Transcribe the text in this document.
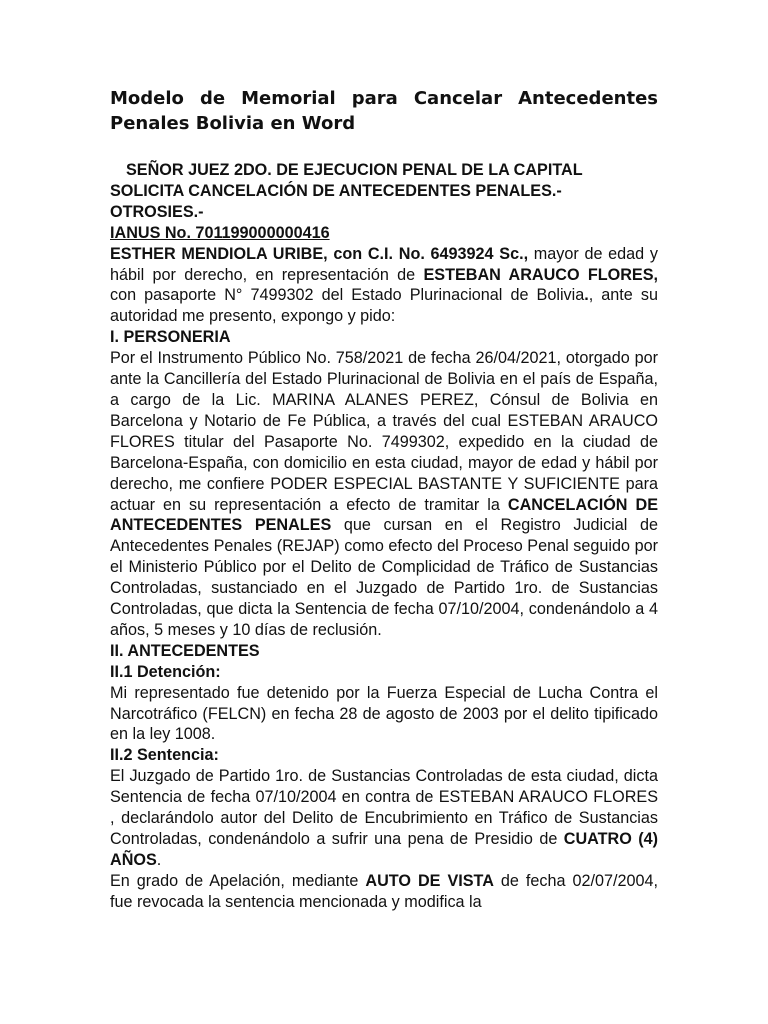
Modelo de Memorial para Cancelar Antecedentes Penales Bolivia en Word

SEÑOR JUEZ 2DO. DE EJECUCION PENAL DE LA CAPITAL

SOLICITA CANCELACIÓN DE ANTECEDENTES PENALES.-

OTROSIES.-

IANUS No. 701199000000416

ESTHER MENDIOLA URIBE, con C.I. No. 6493924 Sc., mayor de edad y hábil por derecho, en representación de ESTEBAN ARAUCO FLORES, con pasaporte N° 7499302 del Estado Plurinacional de Bolivia., ante su autoridad me presento, expongo y pido:

I. PERSONERIA

Por el Instrumento Público No. 758/2021 de fecha 26/04/2021, otorgado por ante la Cancillería del Estado Plurinacional de Bolivia en el país de España, a cargo de la Lic. MARINA ALANES PEREZ, Cónsul de Bolivia en Barcelona y Notario de Fe Pública, a través del cual ESTEBAN ARAUCO FLORES titular del Pasaporte No. 7499302, expedido en la ciudad de Barcelona-España, con domicilio en esta ciudad, mayor de edad y hábil por derecho, me confiere PODER ESPECIAL BASTANTE Y SUFICIENTE para actuar en su representación a efecto de tramitar la CANCELACIÓN DE ANTECEDENTES PENALES que cursan en el Registro Judicial de Antecedentes Penales (REJAP) como efecto del Proceso Penal seguido por el Ministerio Público por el Delito de Complicidad de Tráfico de Sustancias Controladas, sustanciado en el Juzgado de Partido 1ro. de Sustancias Controladas, que dicta la Sentencia de fecha 07/10/2004, condenándolo a 4 años, 5 meses y 10 días de reclusión.

II. ANTECEDENTES

II.1 Detención:

Mi representado fue detenido por la Fuerza Especial de Lucha Contra el Narcotráfico (FELCN) en fecha 28 de agosto de 2003 por el delito tipificado en la ley 1008.

II.2 Sentencia:

El Juzgado de Partido 1ro. de Sustancias Controladas de esta ciudad, dicta Sentencia de fecha 07/10/2004 en contra de ESTEBAN ARAUCO FLORES , declarándolo autor del Delito de Encubrimiento en Tráfico de Sustancias Controladas, condenándolo a sufrir una pena de Presidio de CUATRO (4) AÑOS.

En grado de Apelación, mediante AUTO DE VISTA de fecha 02/07/2004, fue revocada la sentencia mencionada y modifica la
